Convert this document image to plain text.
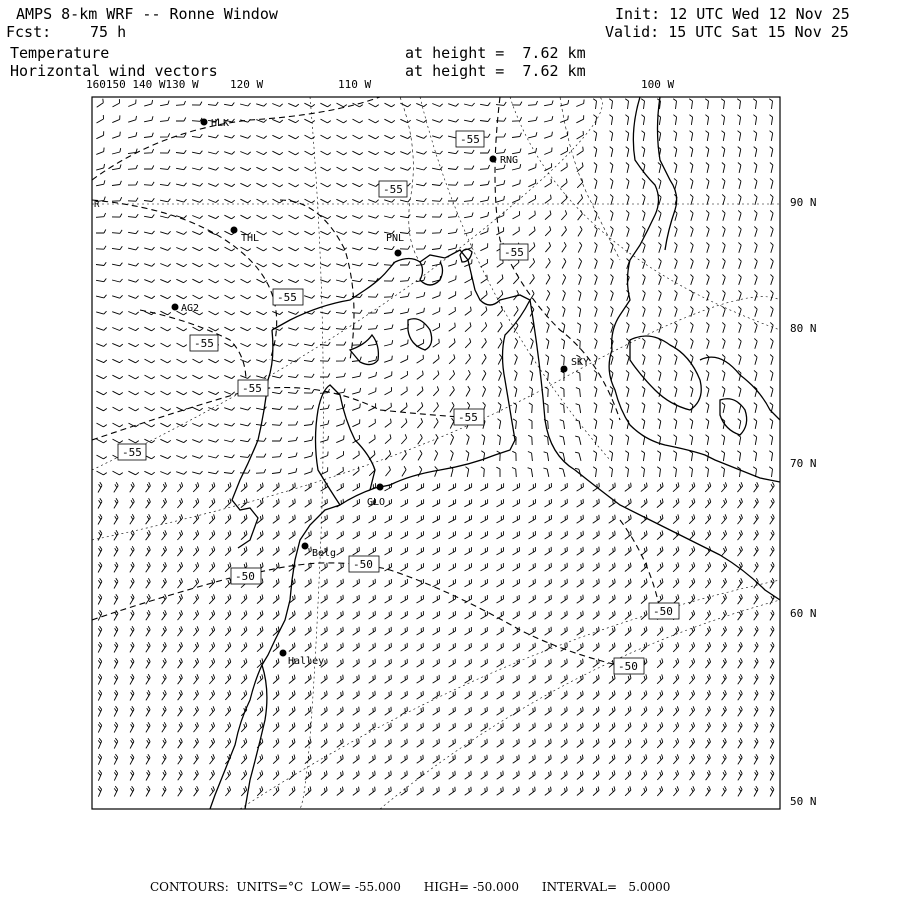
AMPS 8-km WRF -- Ronne Window
Fcst:	75 h
Temperature
Horizontal wind vectors
at height =  7.62 km
at height =  7.62 km
Init: 12 UTC Wed 12 Nov 25
Valid: 15 UTC Sat 15 Nov 25
160150 140 W130 W	120 W	110 W	100 W
90 N
80 N
70 N
60 N
50 N
HLK
RNG
THL	PNL
AG2
SKY
GLO
Belg
Halley
-55
-55
-55
-55
-55
-55
-55
-55
-50
-50
-50
-50
R
CONTOURS:  UNITS=°C  LOW= -55.000      HIGH= -50.000      INTERVAL=   5.0000
